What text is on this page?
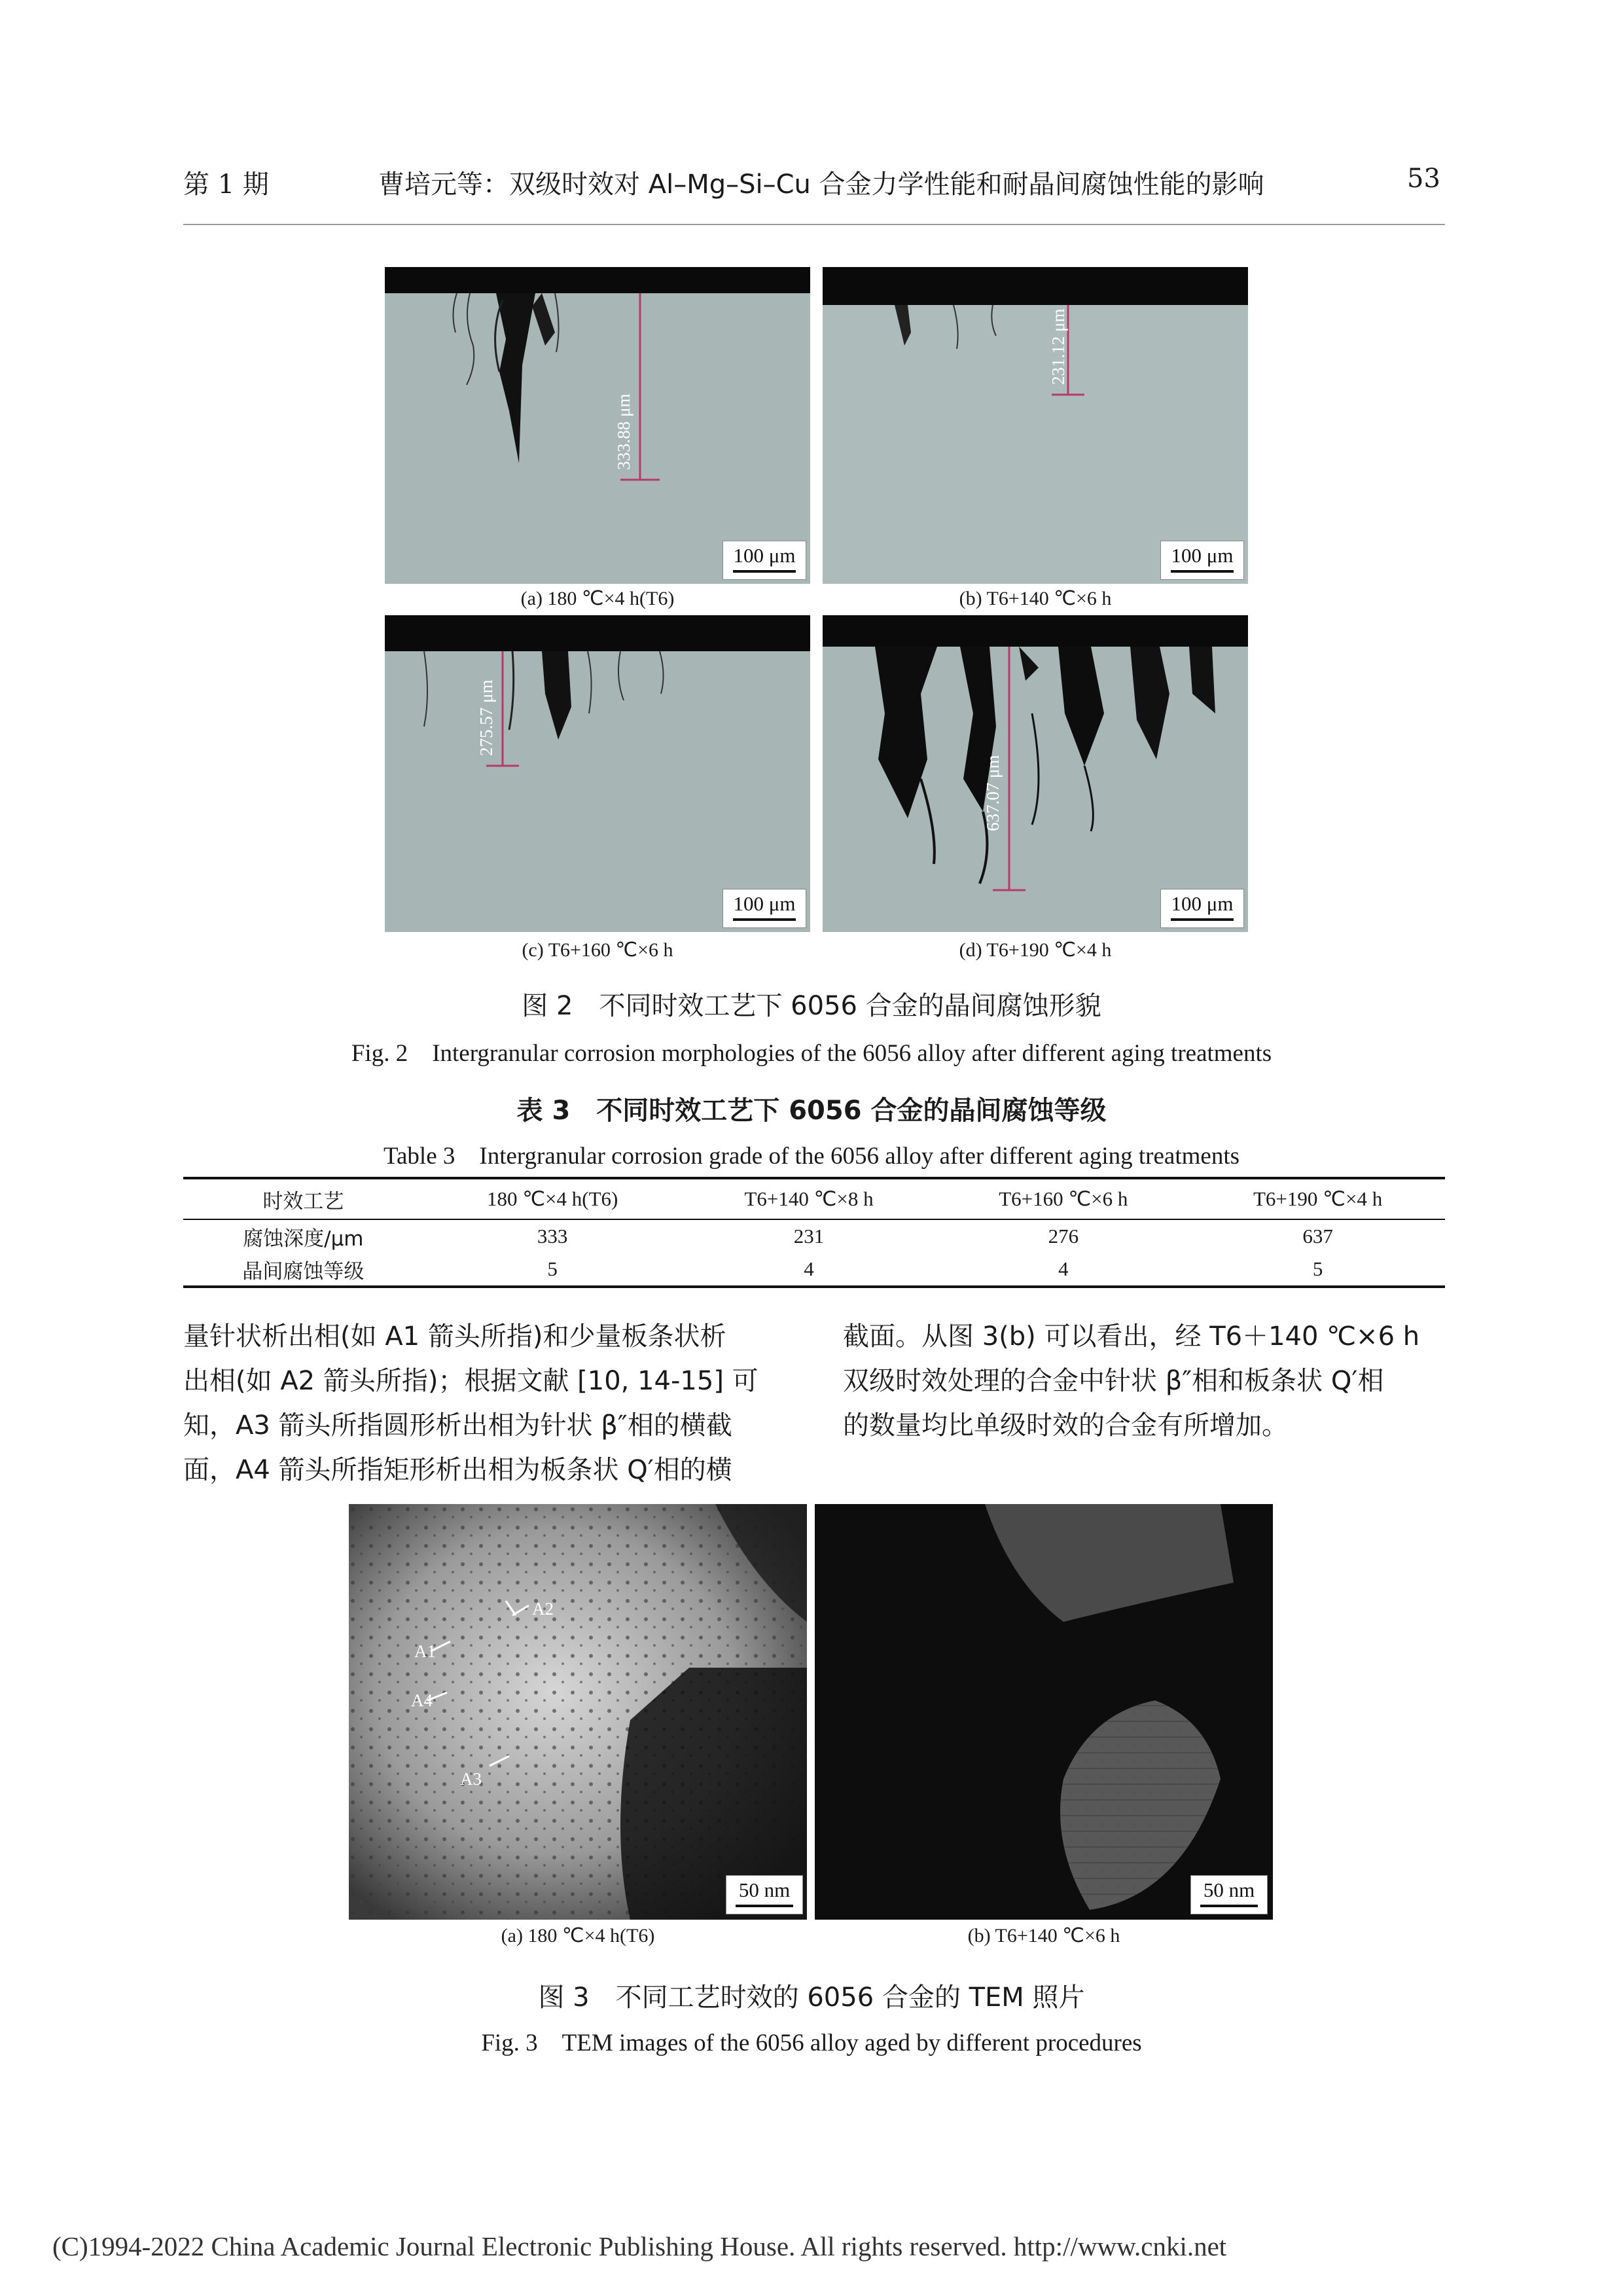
第 1 期	曹培元等：双级时效对 Al–Mg–Si–Cu 合金力学性能和耐晶间腐蚀性能的影响	53
333.88 μm
100 μm
(a) 180 ℃×4 h(T6)
231.12 μm
100 μm
(b) T6+140 ℃×6 h
275.57 μm
100 μm
(c) T6+160 ℃×6 h
637.07 μm
100 μm
(d) T6+190 ℃×4 h
图 2　不同时效工艺下 6056 合金的晶间腐蚀形貌
Fig. 2　Intergranular corrosion morphologies of the 6056 alloy after different aging treatments
表 3　不同时效工艺下 6056 合金的晶间腐蚀等级
Table 3　Intergranular corrosion grade of the 6056 alloy after different aging treatments
时效工艺	180 ℃×4 h(T6)	T6+140 ℃×8 h	T6+160 ℃×6 h	T6+190 ℃×4 h
腐蚀深度/μm	333	231	276	637
晶间腐蚀等级	5	4	4	5
量针状析出相(如 A1 箭头所指)和少量板条状析
出相(如 A2 箭头所指)；根据文献 [10, 14-15] 可
知，A3 箭头所指圆形析出相为针状 β″相的横截
面，A4 箭头所指矩形析出相为板条状 Q′相的横
截面。从图 3(b) 可以看出，经 T6＋140 ℃×6 h
双级时效处理的合金中针状 β″相和板条状 Q′相
的数量均比单级时效的合金有所增加。
A2
A1
A4
A3
50 nm
(a) 180 ℃×4 h(T6)
50 nm
(b) T6+140 ℃×6 h
图 3　不同工艺时效的 6056 合金的 TEM 照片
Fig. 3　TEM images of the 6056 alloy aged by different procedures
(C)1994-2022 China Academic Journal Electronic Publishing House. All rights reserved. http://www.cnki.net
